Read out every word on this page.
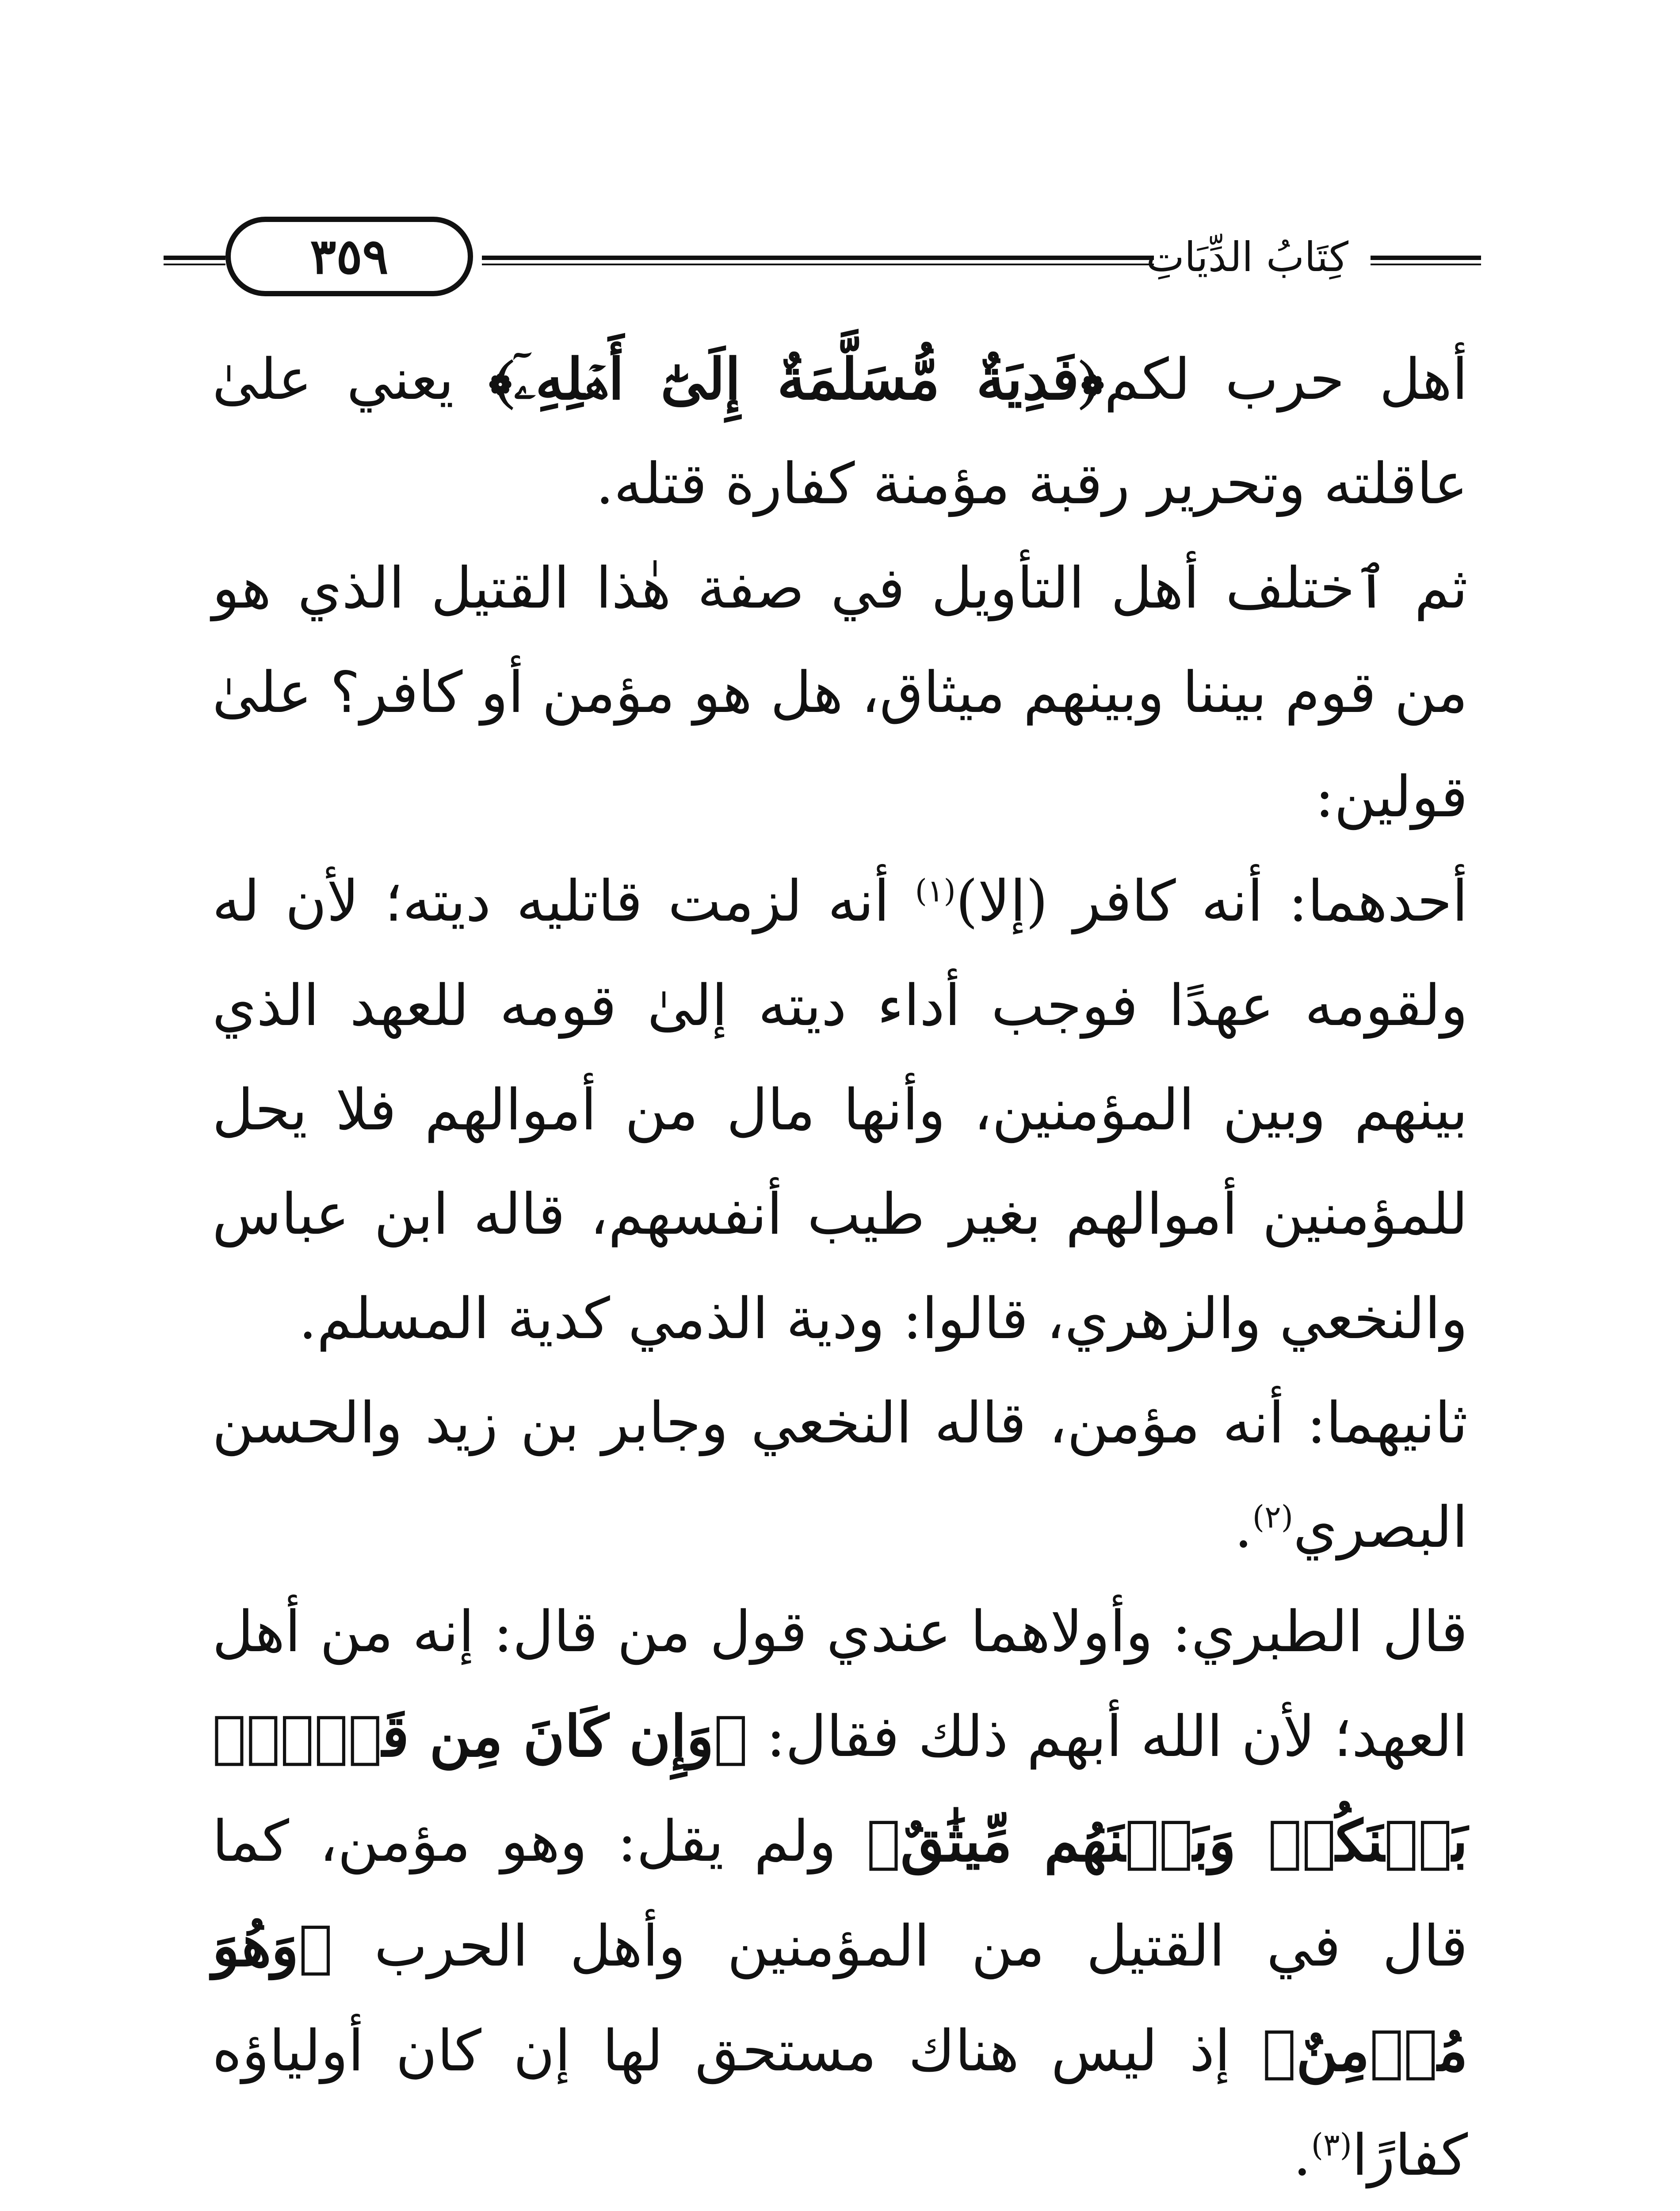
كِتَابُ الدِّيَاتِ
٣٥٩

أهل حرب لكم﴿فَدِيَةٌ مُّسَلَّمَةٌ إِلَىٰٓ أَهۡلِهِۦٓ﴾ يعني علىٰ عاقلته وتحرير رقبة مؤمنة كفارة قتله.

ثم ٱختلف أهل التأويل في صفة هٰذا القتيل الذي هو من قوم بيننا وبينهم ميثاق، هل هو مؤمن أو كافر؟ علىٰ قولين:

أحدهما: أنه كافر (إلا)$^{(١)}$ أنه لزمت قاتليه ديته؛ لأن له ولقومه عهدًا فوجب أداء ديته إلىٰ قومه للعهد الذي بينهم وبين المؤمنين، وأنها مال من أموالهم فلا يحل للمؤمنين أموالهم بغير طيب أنفسهم، قاله ابن عباس والنخعي والزهري، قالوا: ودية الذمي كدية المسلم.

ثانيهما: أنه مؤمن، قاله النخعي وجابر بن زيد والحسن البصري$^{(٢)}$.

قال الطبري: وأولاهما عندي قول من قال: إنه من أهل العهد؛ لأن الله أبهم ذلك فقال: ﴿وَإِن كَانَ مِن قَوۡمِۭ بَيۡنَكُمۡ وَبَيۡنَهُم مِّيثَٰقٌ﴾ ولم يقل: وهو مؤمن، كما قال في القتيل من المؤمنين وأهل الحرب ﴿وَهُوَ مُؤۡمِنٌ﴾ إذ ليس هناك مستحق لها إن كان أولياؤه كفارًا$^{(٣)}$.
